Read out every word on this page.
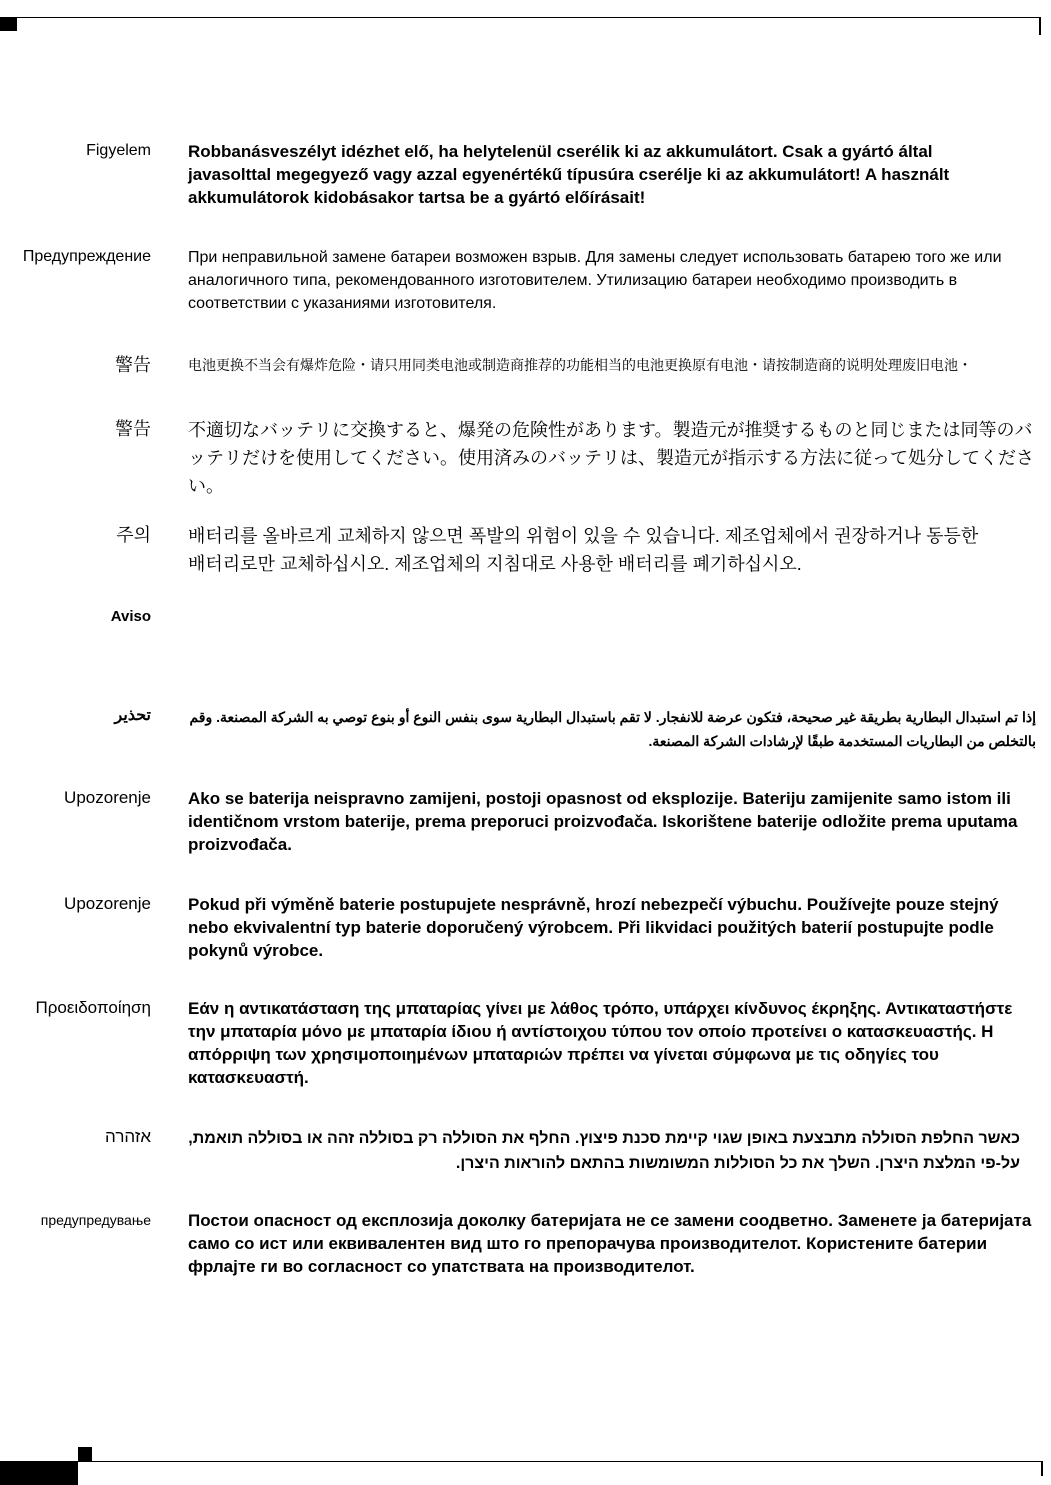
Figyelem Robbanásveszélyt idézhet elő, ha helytelenül cserélik ki az akkumulátort. Csak a gyártó által javasolttal megegyező vagy azzal egyenértékű típusúra cserélje ki az akkumulátort! A használt akkumulátorok kidobásakor tartsa be a gyártó előírásait!
Предупреждение При неправильной замене батареи возможен взрыв. Для замены следует использовать батарею того же или аналогичного типа, рекомендованного изготовителем. Утилизацию батареи необходимо производить в соответствии с указаниями изготовителя.
警告	电池更换不当会有爆炸危险・请只用同类电池或制造商推荐的功能相当的电池更换原有电池・请按制造商的说明处理废旧电池・
警告 不適切なバッテリに交換すると、爆発の危険性があります。製造元が推奨するものと同じまたは同等のバッテリだけを使用してください。使用済みのバッテリは、製造元が指示する方法に従って処分してください。
주의 배터리를 올바르게 교체하지 않으면 폭발의 위험이 있을 수 있습니다. 제조업체에서 권장하거나 동등한 배터리로만 교체하십시오. 제조업체의 지침대로 사용한 배터리를 폐기하십시오.
Aviso
تحذير	إذا تم استبدال البطارية بطريقة غير صحيحة، فتكون عرضة للانفجار. لا تقم باستبدال البطارية سوى بنفس النوع أو بنوع توصي به الشركة المصنعة. وقم بالتخلص من البطاريات المستخدمة طبقًا لإرشادات الشركة المصنعة.
Upozorenje Ako se baterija neispravno zamijeni, postoji opasnost od eksplozije. Bateriju zamijenite samo istom ili identičnom vrstom baterije, prema preporuci proizvođača. Iskorištene baterije odložite prema uputama proizvođača.
Upozorenje Pokud při výměně baterie postupujete nesprávně, hrozí nebezpečí výbuchu. Používejte pouze stejný nebo ekvivalentní typ baterie doporučený výrobcem. Při likvidaci použitých baterií postupujte podle pokynů výrobce.
Προειδοποίηση Εάν η αντικατάσταση της μπαταρίας γίνει με λάθος τρόπο, υπάρχει κίνδυνος έκρηξης. Αντικαταστήστε την μπαταρία μόνο με μπαταρία ίδιου ή αντίστοιχου τύπου τον οποίο προτείνει ο κατασκευαστής. Η απόρριψη των χρησιμοποιημένων μπαταριών πρέπει να γίνεται σύμφωνα με τις οδηγίες του κατασκευαστή.
אזהרה כאשר החלפת הסוללה מתבצעת באופן שגוי קיימת סכנת פיצוץ. החלף את הסוללה רק בסוללה זהה או בסוללה תואמת, על-פי המלצת היצרן. השלך את כל הסוללות המשומשות בהתאם להוראות היצרן.
предупредување Постои опасност од експлозија доколку батеријата не се замени соодветно. Заменете ја батеријата само со ист или еквивалентен вид што го препорачува производителот. Користените батерии фрлајте ги во согласност со упатствата на производителот.
